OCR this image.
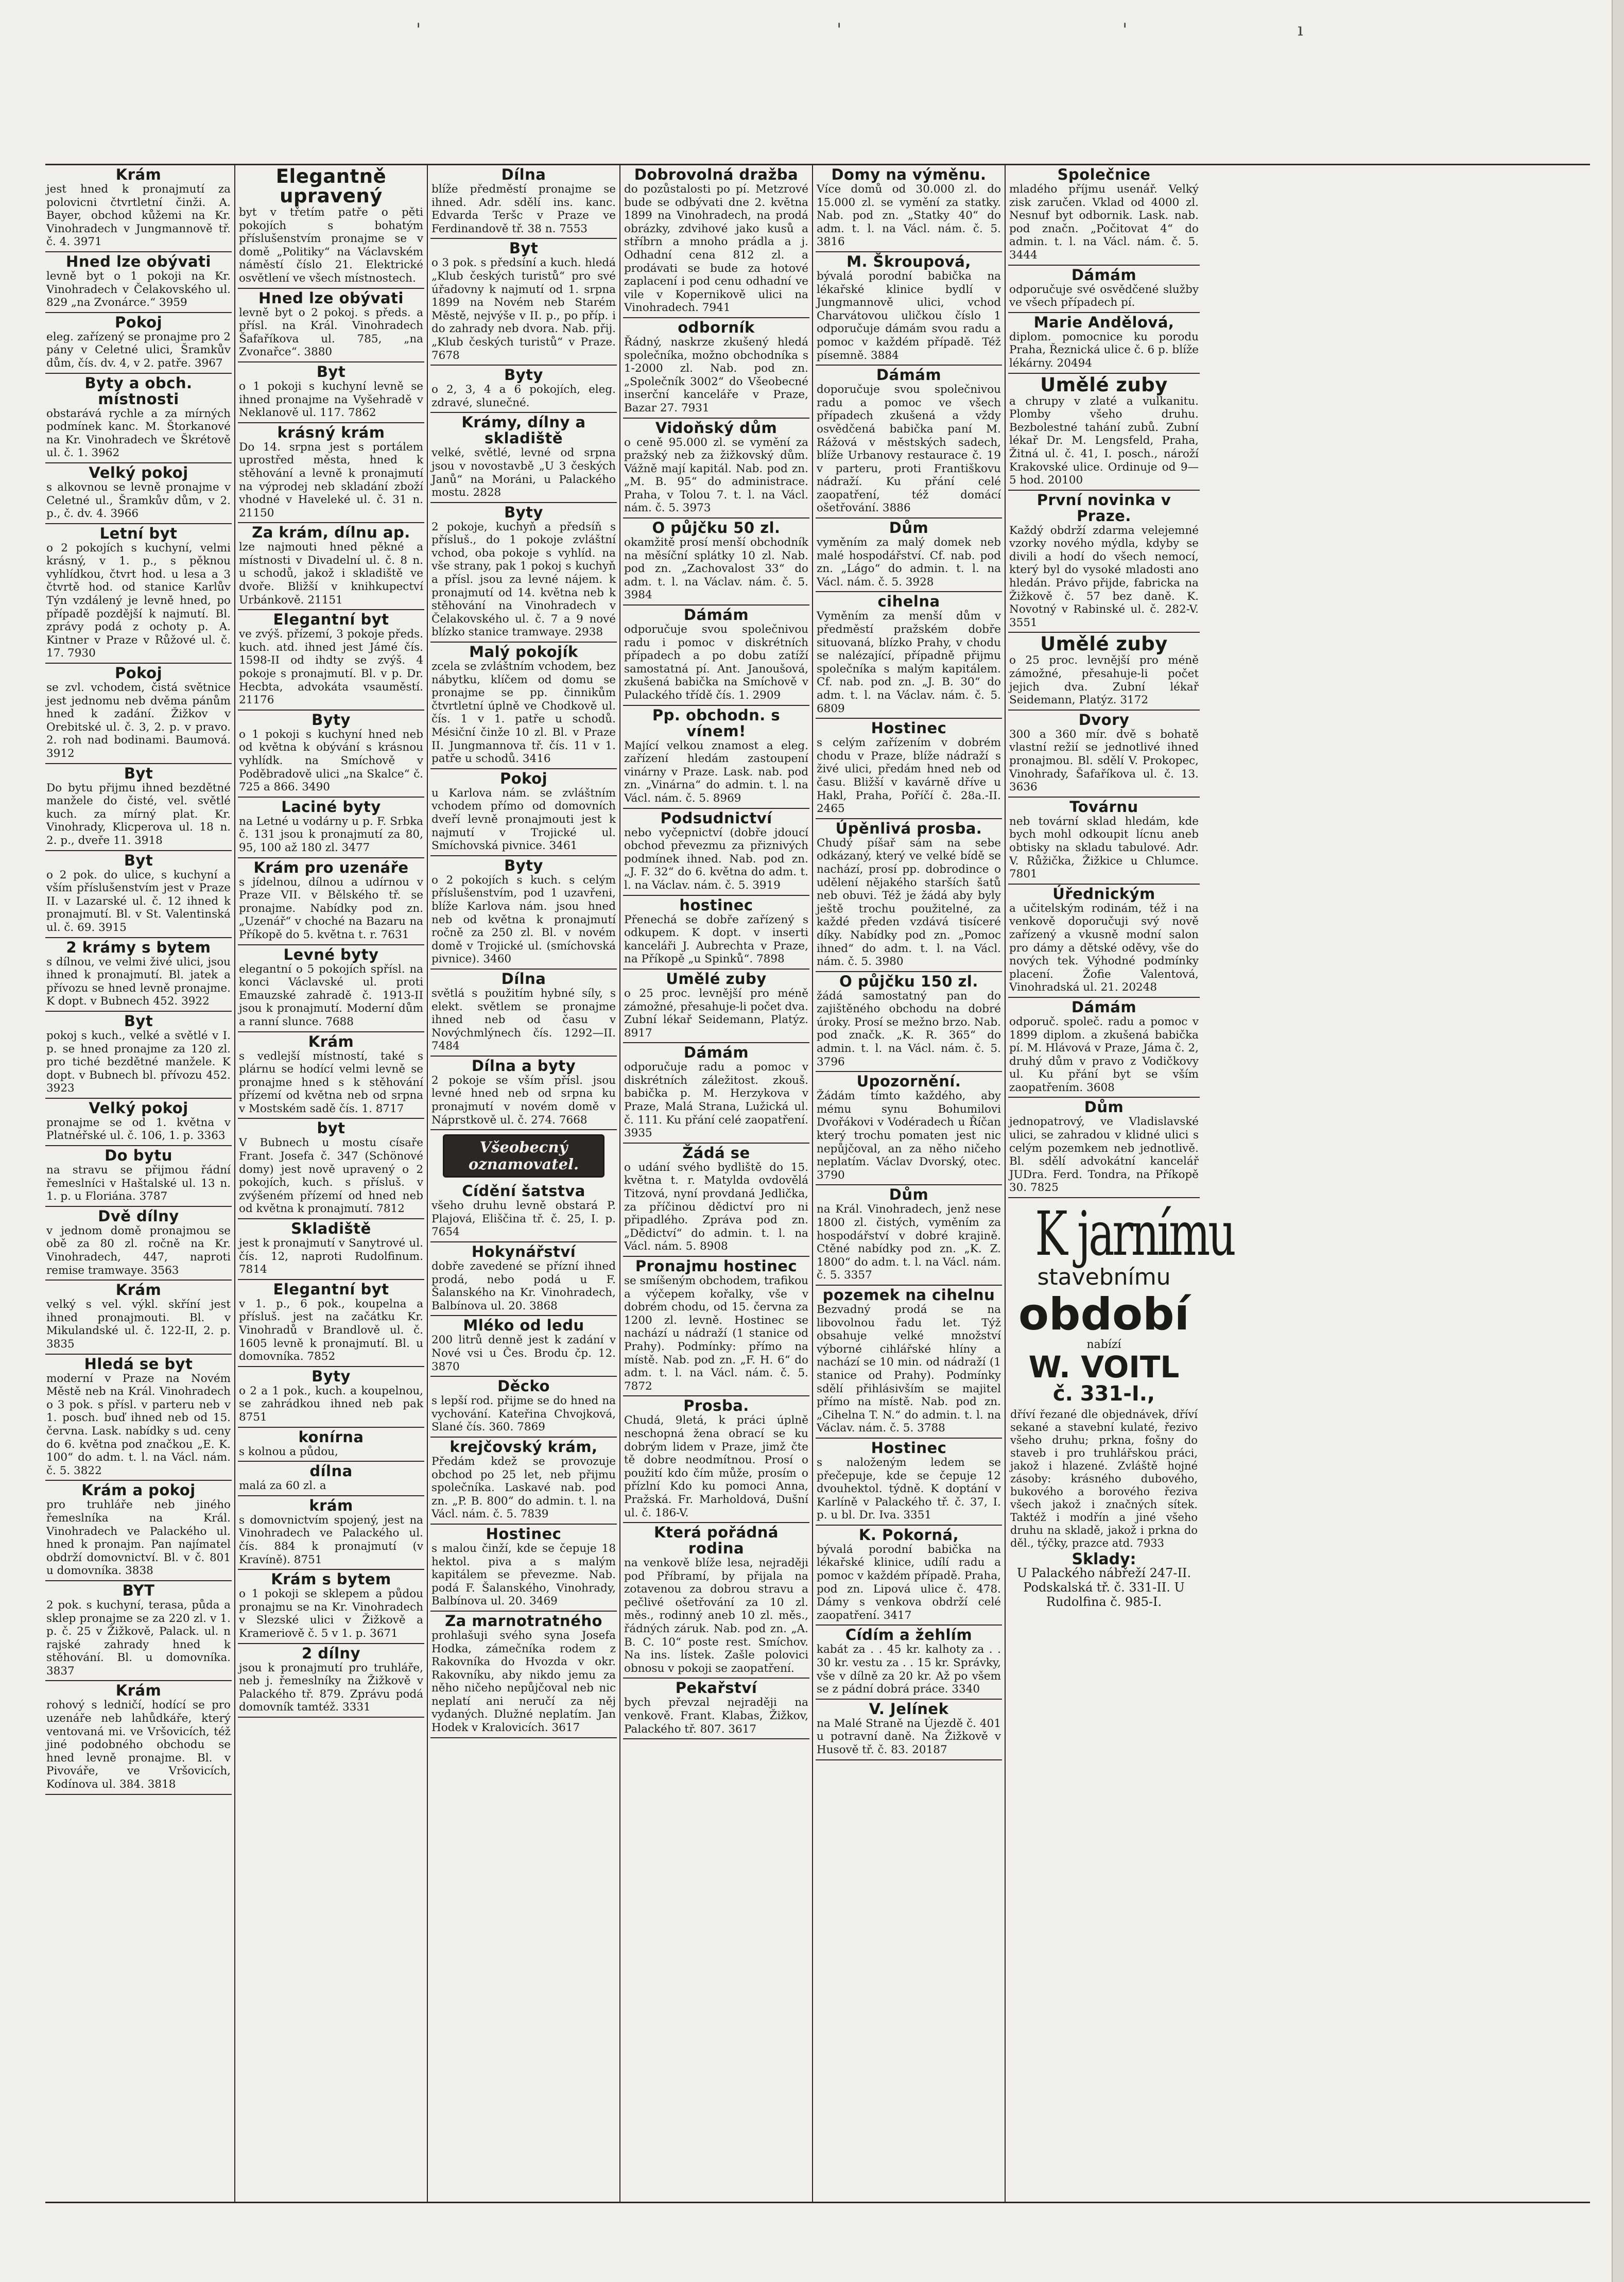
'	'	'	ı
Krám
jest hned k pronajmutí za polovicni čtvrtletní činži. A. Bayer, obchod kůžemi na Kr. Vinohradech v Jungmannově tř. č. 4. 3971
Hned lze obývati
levně byt o 1 pokoji na Kr. Vinohradech v Čelakovského ul. 829 „na Zvonárce.“ 3959
Pokoj
eleg. zařízený se pronajme pro 2 pány v Celetné ulici, Šramkův dům, čís. dv. 4, v 2. patře. 3967
Byty a obch. místnosti
obstarává rychle a za mírných podmínek kanc. M. Štorkanové na Kr. Vinohradech ve Škrétově ul. č. 1. 3962
Velký pokoj
s alkovnou se levně pronajme v Celetné ul., Šramkův dům, v 2. p., č. dv. 4. 3966
Letní byt
o 2 pokojích s kuchyní, velmi krásný, v 1. p., s pěknou vyhlídkou, čtvrt hod. u lesa a 3 čtvrtě hod. od stanice Karlův Týn vzdálený je levně hned, po případě pozdější k najmutí. Bl. zprávy podá z ochoty p. A. Kintner v Praze v Růžové ul. č. 17. 7930
Pokoj
se zvl. vchodem, čistá světnice jest jednomu neb dvěma pánům hned k zadání. Žižkov v Orebitské ul. č. 3, 2. p. v pravo. 2. roh nad bodinami. Baumová. 3912
Byt
Do bytu přijmu ihned bezdětné manžele do čisté, vel. světlé kuch. za mírný plat. Kr. Vinohrady, Klicperova ul. 18 n. 2. p., dveře 11. 3918
Byt
o 2 pok. do ulice, s kuchyní a vším příslušenstvím jest v Praze II. v Lazarské ul. č. 12 ihned k pronajmutí. Bl. v St. Valentinská ul. č. 69. 3915
2 krámy s bytem
s dílnou, ve velmi živé ulici, jsou ihned k pronajmutí. Bl. jatek a přívozu se hned levně pronajme. K dopt. v Bubnech 452. 3922
Byt
pokoj s kuch., velké a světlé v I. p. se hned pronajme za 120 zl. pro tiché bezdětné manžele. K dopt. v Bubnech bl. přívozu 452. 3923
Velký pokoj
pronajme se od 1. května v Platnéřské ul. č. 106, 1. p. 3363
Do bytu
na stravu se přijmou řádní řemeslníci v Haštalské ul. 13 n. 1. p. u Floriána. 3787
Dvě dílny
v jednom domě pronajmou se obě za 80 zl. ročně na Kr. Vinohradech, 447, naproti remise tramwaye. 3563
Krám
velký s vel. výkl. skříní jest ihned pronajmouti. Bl. v Mikulandské ul. č. 122-II, 2. p. 3835
Hledá se byt
moderní v Praze na Novém Městě neb na Král. Vinohradech o 3 pok. s přísl. v parteru neb v 1. posch. buď ihned neb od 15. června. Lask. nabídky s ud. ceny do 6. května pod značkou „E. K. 100“ do adm. t. l. na Václ. nám. č. 5. 3822
Krám a pokoj
pro truhláře neb jiného řemeslníka na Král. Vinohradech ve Palackého ul. hned k pronajm. Pan najímatel obdrží domovnictví. Bl. v č. 801 u domovníka. 3838
BYT
2 pok. s kuchyní, terasa, půda a sklep pronajme se za 220 zl. v 1. p. č. 25 v Žižkově, Palack. ul. n rajské zahrady hned k stěhování. Bl. u domovníka. 3837
Krám
rohový s ledničí, hodící se pro uzenáře neb lahůdkáře, který ventovaná mi. ve Vršovicích, též jiné podobného obchodu se hned levně pronajme. Bl. v Pivováře, ve Vršovicích, Kodínova ul. 384. 3818
Elegantně upravený
byt v třetím patře o pěti pokojích s bohatým příslušenstvím pronajme se v domě „Politiky“ na Václavském náměstí číslo 21. Elektrické osvětlení ve všech místnostech.
Hned lze obývati
levně byt o 2 pokoj. s předs. a přísl. na Král. Vinohradech Šafaříkova ul. 785, „na Zvonařce“. 3880
Byt
o 1 pokoji s kuchyní levně se ihned pronajme na Vyšehradě v Neklanově ul. 117. 7862
krásný krám
Do 14. srpna jest s portálem uprostřed města, hned k stěhování a levně k pronajmutí na výprodej neb skladání zboží vhodné v Haveleké ul. č. 31 n. 21150
Za krám, dílnu ap.
lze najmouti hned pěkné a místnosti v Divadelní ul. č. 8 n. u schodů, jakož i skladiště ve dvoře. Bližší v knihkupectví Urbánkově. 21151
Elegantní byt
ve zvýš. přízemí, 3 pokoje předs. kuch. atd. ihned jest Jámé čís. 1598-II od ihdty se zvýš. 4 pokoje s pronajmutí. Bl. v p. Dr. Hecbta, advokáta vsauměstí. 21176
Byty
o 1 pokoji s kuchyní hned neb od května k obývání s krásnou vyhlídk. na Smíchově v Poděbradově ulici „na Skalce“ č. 725 a 866. 3490
Laciné byty
na Letné u vodárny u p. F. Srbka č. 131 jsou k pronajmutí za 80, 95, 100 až 180 zl. 3477
Krám pro uzenáře
s jídelnou, dílnou a udírnou v Praze VII. v Bělského tř. se pronajme. Nabídky pod zn. „Uzenář“ v choché na Bazaru na Příkopě do 5. května t. r. 7631
Levné byty
elegantní o 5 pokojích spřísl. na konci Václavské ul. proti Emauzské zahradě č. 1913-II jsou k pronajmutí. Moderní dům a ranní slunce. 7688
Krám
s vedlejší místností, také s plárnu se hodící velmi levně se pronajme hned s k stěhování přízemí od května neb od srpna v Mostském sadě čís. 1. 8717
byt
V Bubnech u mostu císaře Frant. Josefa č. 347 (Schönové domy) jest nově upravený o 2 pokojích, kuch. s přísluš. v zvýšeném přízemí od hned neb od května k pronajmutí. 7812
Skladiště
jest k pronajmutí v Sanytrové ul. čís. 12, naproti Rudolfinum. 7814
Elegantní byt
v 1. p., 6 pok., koupelna a přísluš. jest na začátku Kr. Vinohradů v Brandlově ul. č. 1605 levně k pronajmutí. Bl. u domovníka. 7852
Byty
o 2 a 1 pok., kuch. a koupelnou, se zahrádkou ihned neb pak 8751
konírna
s kolnou a půdou,
dílna
malá za 60 zl. a
krám
s domovnictvím spojený, jest na Vinohradech ve Palackého ul. čís. 884 k pronajmutí (v Kravíně). 8751
Krám s bytem
o 1 pokoji se sklepem a půdou pronajmu se na Kr. Vinohradech v Slezské ulici v Žižkově a Krameriově č. 5 v 1. p. 3671
2 dílny
jsou k pronajmutí pro truhláře, neb j. řemeslníky na Žižkově v Palackého tř. 879. Zprávu podá domovník tamtéž. 3331
Dílna
blíže předměstí pronajme se ihned. Adr. sdělí ins. kanc. Edvarda Teršc v Praze ve Ferdinandově tř. 38 n. 7553
Byt
o 3 pok. s předsíní a kuch. hledá „Klub českých turistů“ pro své úřadovny k najmutí od 1. srpna 1899 na Novém neb Starém Městě, nejvýše v II. p., po příp. i do zahrady neb dvora. Nab. přij. „Klub českých turistů“ v Praze. 7678
Byty
o 2, 3, 4 a 6 pokojích, eleg. zdravé, slunečné.
Krámy, dílny a skladiště
velké, světlé, levné od srpna jsou v novostavbě „U 3 českých Janů“ na Moráni, u Palackého mostu. 2828
Byty
2 pokoje, kuchyň a předsíň s přísluš., do 1 pokoje zvláštní vchod, oba pokoje s vyhlíd. na vše strany, pak 1 pokoj s kuchyň a přísl. jsou za levné nájem. k pronajmutí od 14. května neb k stěhování na Vinohradech v Čelakovského ul. č. 7 a 9 nové blízko stanice tramwaye. 2938
Malý pokojík
zcela se zvláštním vchodem, bez nábytku, klíčem od domu se pronajme se pp. činnikům čtvrtletní úplně ve Chodkově ul. čís. 1 v 1. patře u schodů. Mésiční činže 10 zl. Bl. v Praze II. Jungmannova tř. čís. 11 v 1. patře u schodů. 3416
Pokoj
u Karlova nám. se zvláštním vchodem přímo od domovních dveří levně pronajmouti jest k najmutí v Trojické ul. Smíchovská pivnice. 3461
Byty
o 2 pokojích s kuch. s celým příslušenstvím, pod 1 uzavřeni, blíže Karlova nám. jsou hned neb od května k pronajmutí ročně za 250 zl. Bl. v novém domě v Trojické ul. (smíchovská pivnice). 3460
Dílna
světlá s použitím hybné síly, s elekt. světlem se pronajme ihned neb od času v Novýchmlýnech čís. 1292—II. 7484
Dílna a byty
2 pokoje se vším přísl. jsou levné hned neb od srpna ku pronajmutí v novém domě v Náprstkově ul. č. 274. 7668
Všeobecný oznamovatel.
Cídění šatstva
všeho druhu levně obstará P. Plajová, Eliščina tř. č. 25, I. p. 7654
Hokynářství
dobře zavedené se přízní ihned prodá, nebo podá u F. Šalanského na Kr. Vinohradech, Balbínova ul. 20. 3868
Mléko od ledu
200 litrů denně jest k zadání v Nové vsi u Čes. Brodu čp. 12. 3870
Děcko
s lepší rod. přijme se do hned na vychování. Kateřina Chvojková, Slané čís. 360. 7869
krejčovský krám,
Předám kdež se provozuje obchod po 25 let, neb přijmu společníka. Laskavé nab. pod zn. „P. B. 800“ do admin. t. l. na Václ. nám. č. 5. 7839
Hostinec
s malou činží, kde se čepuje 18 hektol. piva a s malým kapitálem se převezme. Nab. podá F. Šalanského, Vinohrady, Balbínova ul. 20. 3469
Za marnotratného
prohlašuji svého syna Josefa Hodka, zámečníka rodem z Rakovníka do Hvozda v okr. Rakovníku, aby nikdo jemu za něho ničeho nepůjčoval neb nic neplatí ani neručí za něj vydaných. Dlužné neplatím. Jan Hodek v Kralovicích. 3617
Dobrovolná dražba
do pozůstalosti po pí. Metzrové bude se odbývati dne 2. května 1899 na Vinohradech, na prodá obrázky, zdvihové jako kusů a stříbrn a mnoho prádla a j. Odhadní cena 812 zl. a prodávati se bude za hotové zaplacení i pod cenu odhadní ve vile v Kopernikově ulici na Vinohradech. 7941
odborník
Řádný, naskrze zkušený hledá společníka, možno obchodníka s 1-2000 zl. Nab. pod zn. „Společník 3002“ do Všeobecné inserční kanceláře v Praze, Bazar 27. 7931
Vidoňský dům
o ceně 95.000 zl. se vymění za pražský neb za žižkovský dům. Vážně mají kapitál. Nab. pod zn. „M. B. 95“ do administrace. Praha, v Tolou 7. t. l. na Václ. nám. č. 5. 3973
O půjčku 50 zl.
okamžitě prosí menší obchodník na měsíční splátky 10 zl. Nab. pod zn. „Zachovalost 33“ do adm. t. l. na Václav. nám. č. 5. 3984
Dámám
odporučuje svou společnivou radu i pomoc v diskrétních případech a po dobu zatíží samostatná pí. Ant. Janoušová, zkušená babička na Smíchově v Pulackého třídě čís. 1. 2909
Pp. obchodn. s vínem!
Mající velkou znamost a eleg. zařízení hledám zastoupení vinárny v Praze. Lask. nab. pod zn. „Vinárna“ do admin. t. l. na Václ. nám. č. 5. 8969
Podsudnictví
nebo vyčepnictví (dobře jdoucí obchod převezmu za přiznivých podmínek ihned. Nab. pod zn. „J. F. 32“ do 6. května do adm. t. l. na Václav. nám. č. 5. 3919
hostinec
Přenechá se dobře zařízený s odkupem. K dopt. v inserti kanceláři J. Aubrechta v Praze, na Příkopě „u Spinků“. 7898
Umělé zuby
o 25 proc. levnější pro méně zámožné, přesahuje-li počet dva. Zubní lékař Seidemann, Platýz. 8917
Dámám
odporučuje radu a pomoc v diskrétních záležitost. zkouš. babička p. M. Herzykova v Praze, Malá Strana, Lužická ul. č. 111. Ku přání celé zaopatření. 3935
Žádá se
o udání svého bydliště do 15. května t. r. Matylda ovdovělá Titzová, nyní provdaná Jedlička, za příčinou dědictví pro ni připadlého. Zpráva pod zn. „Dědictví“ do admin. t. l. na Václ. nám. 5. 8908
Pronajmu hostinec
se smíšeným obchodem, trafikou a výčepem kořalky, vše v dobrém chodu, od 15. června za 1200 zl. levně. Hostinec se nachází u nádraží (1 stanice od Prahy). Podmínky: přímo na místě. Nab. pod zn. „F. H. 6“ do adm. t. l. na Václ. nám. č. 5. 7872
Prosba.
Chudá, 9letá, k práci úplně neschopná žena obrací se ku dobrým lidem v Praze, jimž čte tě dobre neodmítnou. Prosí o použití kdo čím může, prosím o přízlní Kdo ku pomoci Anna, Pražská. Fr. Marholdová, Dušní ul. č. 186-V.
Která pořádná rodina
na venkově blíže lesa, nejraději pod Příbramí, by přijala na zotavenou za dobrou stravu a pečlivé ošetřování za 10 zl. měs., rodinný aneb 10 zl. měs., řádných záruk. Nab. pod zn. „A. B. C. 10“ poste rest. Smíchov. Na ins. lístek. Zašle polovici obnosu v pokoji se zaopatření.
Pekařství
bych převzal nejraději na venkově. Frant. Klabas, Žižkov, Palackého tř. 807. 3617
Domy na výměnu.
Více domů od 30.000 zl. do 15.000 zl. se vymění za statky. Nab. pod zn. „Statky 40“ do adm. t. l. na Václ. nám. č. 5. 3816
M. Škroupová,
bývalá porodní babička na lékařské klinice bydlí v Jungmannově ulici, vchod Charvátovou uličkou číslo 1 odporučuje dámám svou radu a pomoc v každém případě. Též písemně. 3884
Dámám
doporučuje svou společnivou radu a pomoc ve všech případech zkušená a vždy osvědčená babička paní M. Rážová v městských sadech, blíže Urbanovy restaurace č. 19 v parteru, proti Františkovu nádraží. Ku přání celé zaopatření, též domácí ošetřování. 3886
Dům
vyměním za malý domek neb malé hospodářství. Cf. nab. pod zn. „Lágo“ do admin. t. l. na Václ. nám. č. 5. 3928
cihelna
Vyměním za menší dům v předměstí pražském dobře situovaná, blízko Prahy, v chodu se nalézající, případně přijmu společníka s malým kapitálem. Cf. nab. pod zn. „J. B. 30“ do adm. t. l. na Václav. nám. č. 5. 6809
Hostinec
s celým zařízením v dobrém chodu v Praze, blíže nádraží s živé ulici, předám hned neb od času. Bližší v kavárně dříve u Hakl, Praha, Poříčí č. 28a.-II. 2465
Úpěnlivá prosba.
Chudý píšař sám na sebe odkázaný, který ve velké bídě se nachází, prosí pp. dobrodince o udělení nějakého starších šatů neb obuvi. Též je žádá aby byly ještě trochu použitelné, za každé předen vzdává tisíceré díky. Nabídky pod zn. „Pomoc ihned“ do adm. t. l. na Václ. nám. č. 5. 3980
O půjčku 150 zl.
žádá samostatný pan do zajištěného obchodu na dobré úroky. Prosí se mežno brzo. Nab. pod značk. „K. R. 365“ do admin. t. l. na Václ. nám. č. 5. 3796
Upozornění.
Žádám tímto každého, aby mému synu Bohumilovi Dvořákovi v Vodéradech u Říčan který trochu pomaten jest nic nepůjčoval, an za něho ničeho neplatím. Václav Dvorský, otec. 3790
Dům
na Král. Vinohradech, jenž nese 1800 zl. čistých, vyměním za hospodářství v dobré krajině. Ctěné nabídky pod zn. „K. Z. 1800“ do adm. t. l. na Václ. nám. č. 5. 3357
pozemek na cihelnu
Bezvadný prodá se na libovolnou řadu let. Týž obsahuje velké množství výborné cihlářské hlíny a nachází se 10 min. od nádraží (1 stanice od Prahy). Podmínky sdělí přihlásivším se majitel přímo na místě. Nab. pod zn. „Cihelna T. N.“ do admin. t. l. na Václav. nám. č. 5. 3788
Hostinec
s naloženým ledem se přečepuje, kde se čepuje 12 dvouhektol. týdně. K doptání v Karlíně v Palackého tř. č. 37, I. p. u bl. Dr. Iva. 3351
K. Pokorná,
bývalá porodní babička na lékařské klinice, udílí radu a pomoc v každém případě. Praha, pod zn. Lipová ulice č. 478. Dámy s venkova obdrží celé zaopatření. 3417
Cídím a žehlím
kabát za . . 45 kr. kalhoty za . . 30 kr. vestu za . . 15 kr. Správky, vše v dílně za 20 kr. Až po všem se z pádní dobrá práce. 3340
V. Jelínek
na Malé Straně na Újezdě č. 401 u potravní daně. Na Žižkově v Husově tř. č. 83. 20187
Společnice
mladého příjmu usenář. Velký zisk zaručen. Vklad od 4000 zl. Nesnuf byt odbornik. Lask. nab. pod značn. „Počitovat 4“ do admin. t. l. na Václ. nám. č. 5. 3444
Dámám
odporučuje své osvědčené služby ve všech případech pí.
Marie Andělová,
diplom. pomocnice ku porodu Praha, Řeznická ulice č. 6 p. blíže lékárny. 20494
Umělé zuby
a chrupy v zlaté a vulkanitu. Plomby všeho druhu. Bezbolestné tahání zubů. Zubní lékař Dr. M. Lengsfeld, Praha, Žitná ul. č. 41, I. posch., nároží Krakovské ulice. Ordinuje od 9—5 hod. 20100
První novinka v Praze.
Každý obdrží zdarma velejemné vzorky nového mýdla, kdyby se divili a hodí do všech nemocí, který byl do vysoké mladosti ano hledán. Právo přijde, fabricka na Žižkově č. 57 bez daně. K. Novotný v Rabinské ul. č. 282-V. 3551
Umělé zuby
o 25 proc. levnější pro méně zámožné, přesahuje-li počet jejich dva. Zubní lékař Seidemann, Platýz. 3172
Dvory
300 a 360 mír. dvě s bohatě vlastní režií se jednotlivé ihned pronajmou. Bl. sdělí V. Prokopec, Vinohrady, Šafaříkova ul. č. 13. 3636
Továrnu
neb tovární sklad hledám, kde bych mohl odkoupit lícnu aneb obtisky na skladu tabulové. Adr. V. Růžička, Žižkice u Chlumce. 7801
Úřednickým
a učitelským rodinám, též i na venkově doporučuji svý nově zařízený a vkusně modní salon pro dámy a dětské oděvy, vše do nových tek. Výhodné podmínky placení. Žofie Valentová, Vinohradská ul. 21. 20248
Dámám
odporuč. společ. radu a pomoc v 1899 diplom. a zkušená babička pí. M. Hlávová v Praze, Jáma č. 2, druhý dům v pravo z Vodičkovy ul. Ku přání byt se vším zaopatřením. 3608
Dům
jednopatrový, ve Vladislavské ulici, se zahradou v klidné ulici s celým pozemkem neb jednotlivě. Bl. sdělí advokátní kancelář JUDra. Ferd. Tondra, na Příkopě 30. 7825
K jarnímu
stavebnímu
období
nabízí
W. VOITL
č. 331-I.,
dříví řezané dle objednávek, dříví sekané a stavební kulaté, řezivo všeho druhu; prkna, fošny do staveb i pro truhlářskou práci, jakož i hlazené. Zvláště hojné zásoby: krásného dubového, bukového a borového řeziva všech jakož i značných sítek. Taktéž i modřín a jiné všeho druhu na skladě, jakož i prkna do děl., týčky, prazce atd. 7933
Sklady:
U Palackého nábřeží 247-II. Podskalská tř. č. 331-II. U Rudolfina č. 985-I.
